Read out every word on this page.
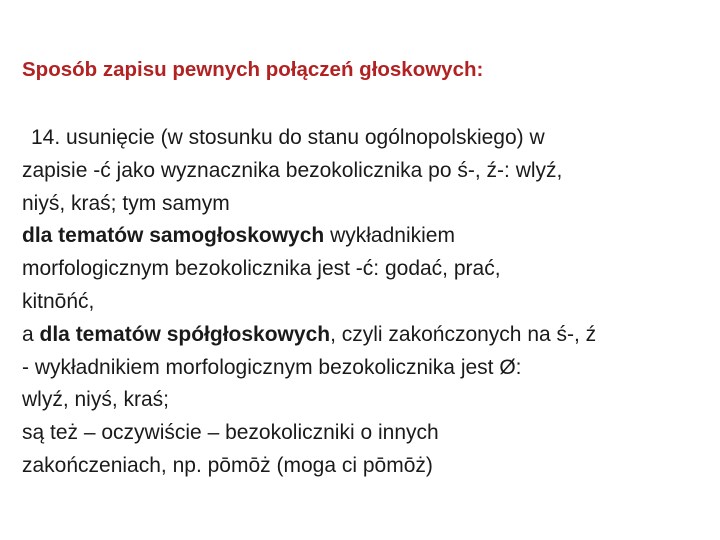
Sposób zapisu pewnych połączeń głoskowych:
14. usunięcie (w stosunku do stanu ogólnopolskiego) w
zapisie -ć jako wyznacznika bezokolicznika po ś-, ź-: wlyź,
niyś, kraś; tym samym
dla tematów samogłoskowych wykładnikiem
morfologicznym bezokolicznika jest -ć: godać, prać,
kitnōńć,
a dla tematów spółgłoskowych, czyli zakończonych na ś-, ź
- wykładnikiem morfologicznym bezokolicznika jest Ø:
wlyź, niyś, kraś;
są też – oczywiście – bezokoliczniki o innych
zakończeniach, np. pōmōż (moga ci pōmōż)
